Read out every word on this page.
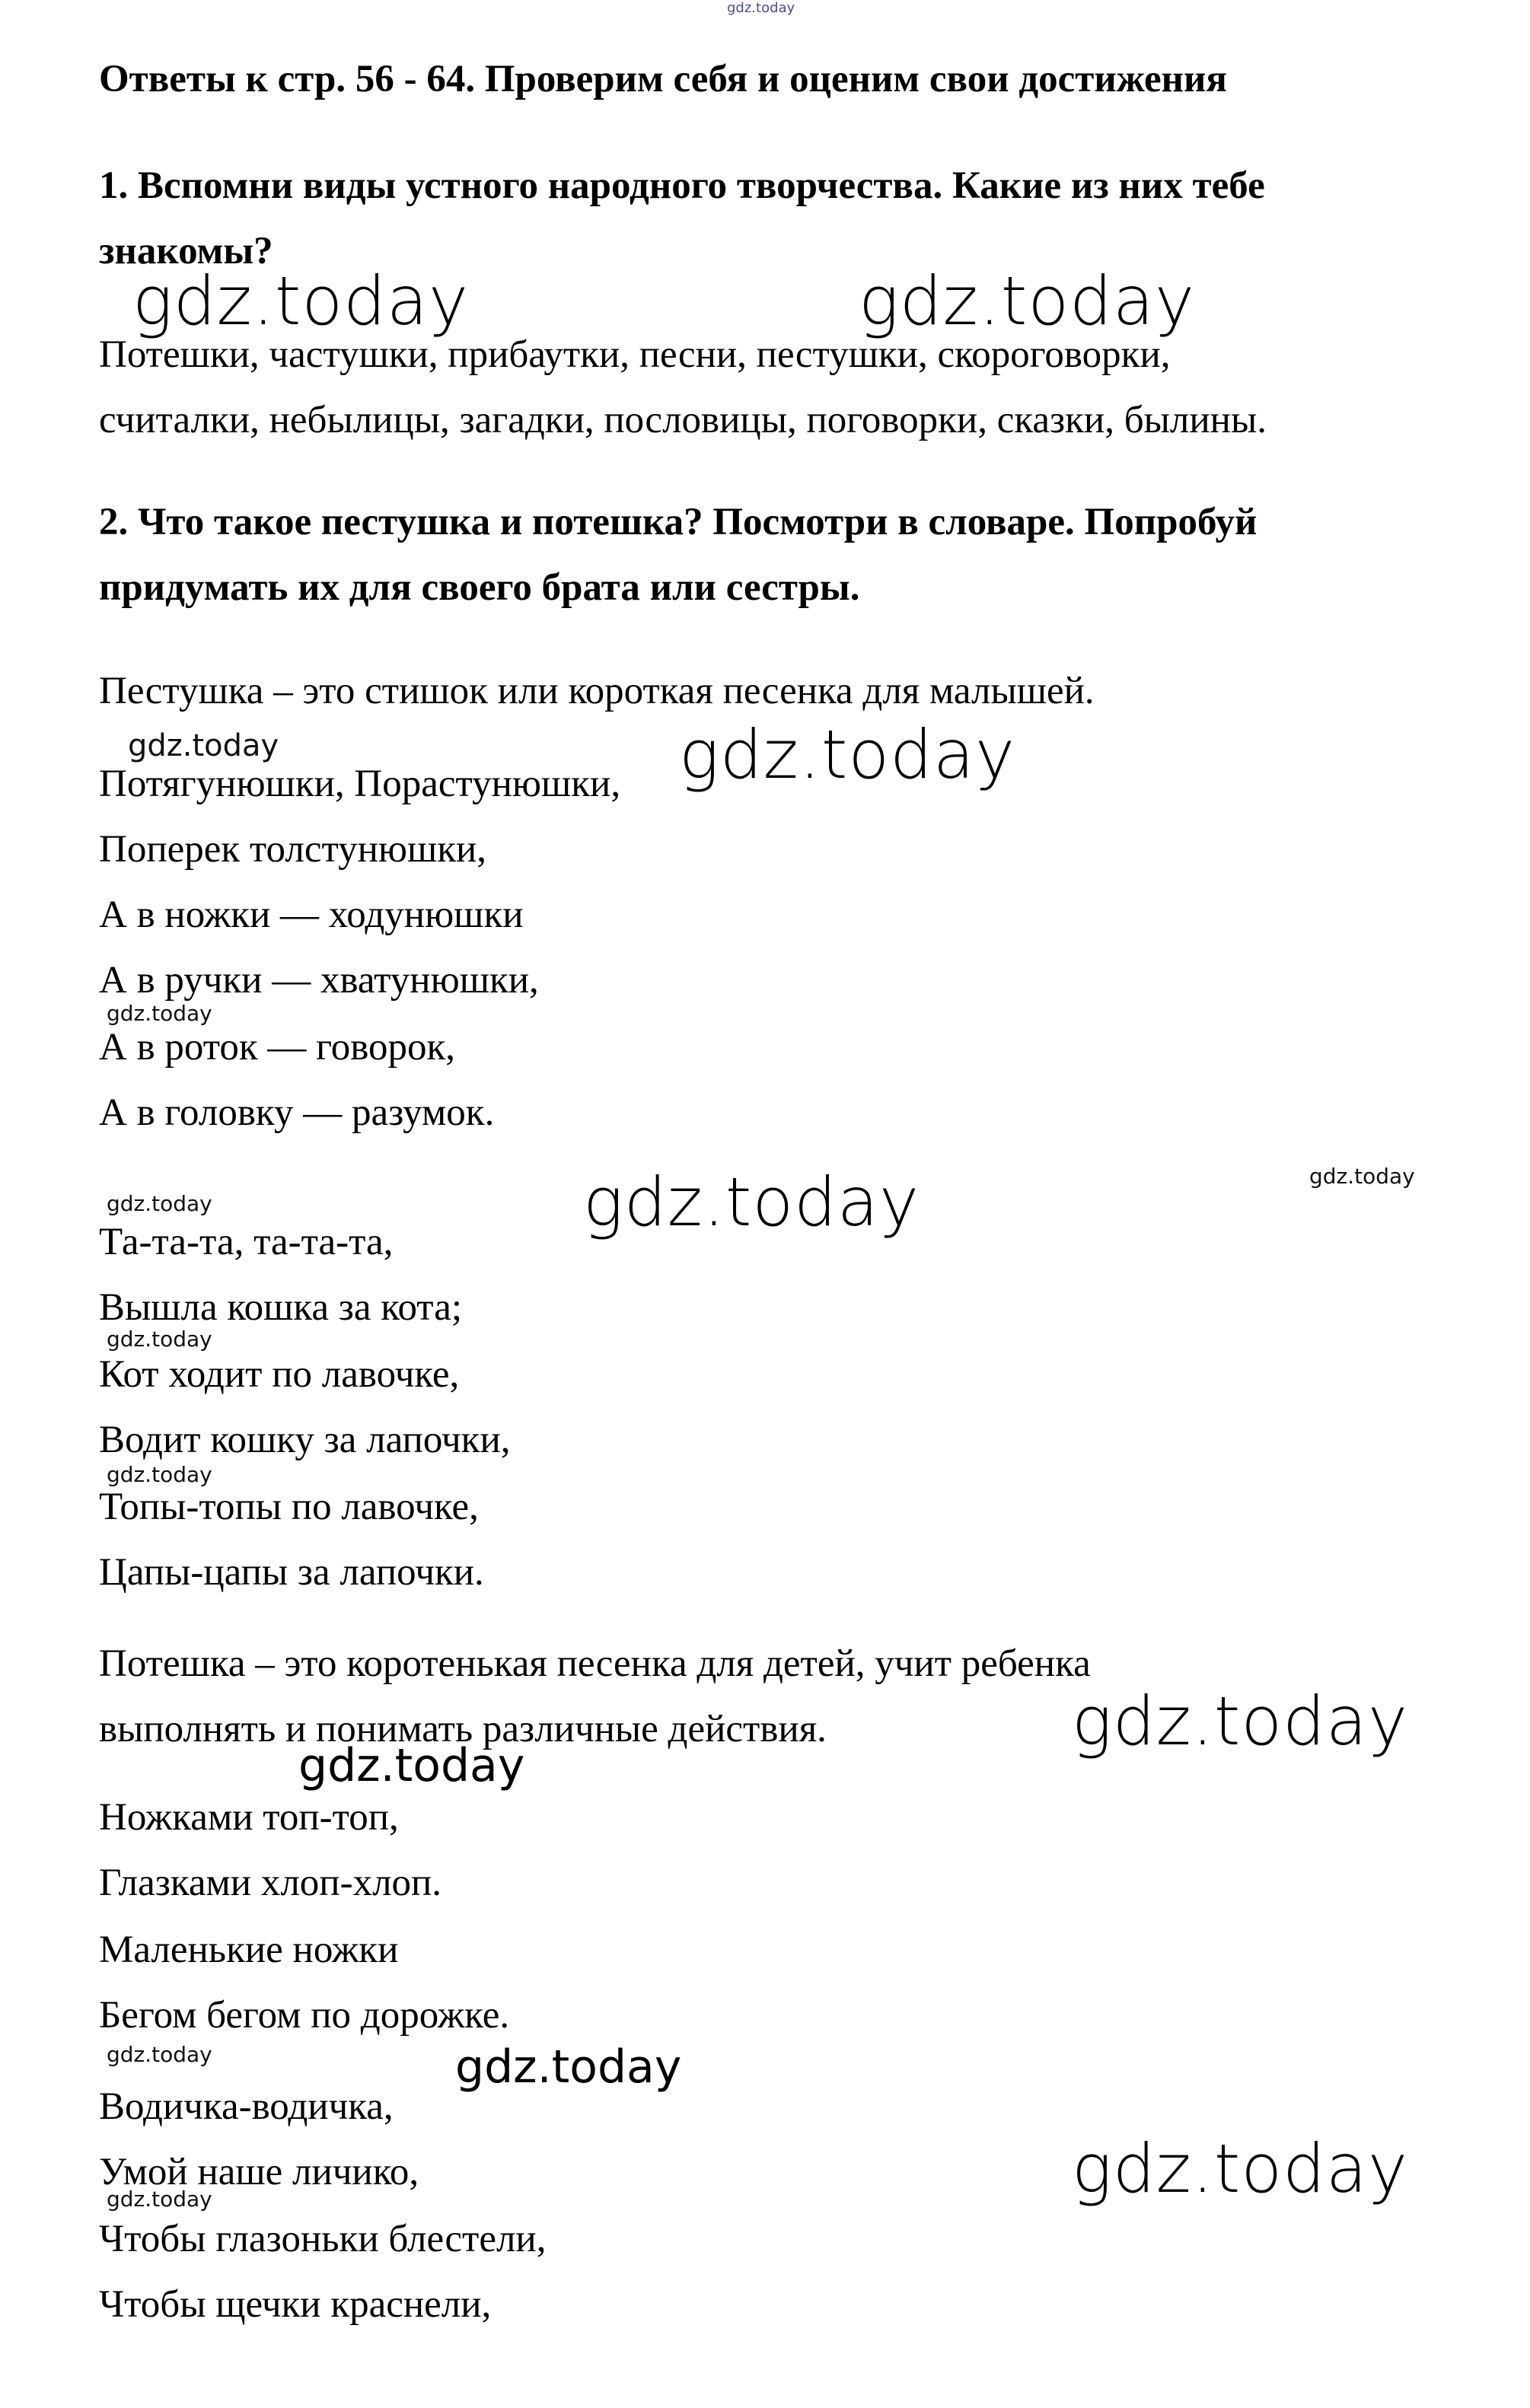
gdz.today

Ответы к стр. 56 - 64. Проверим себя и оценим свои достижения

1. Вспомни виды устного народного творчества. Какие из них тебе

знакомы?

Потешки, частушки, прибаутки, песни, пестушки, скороговорки,

считалки, небылицы, загадки, пословицы, поговорки, сказки, былины.

2. Что такое пестушка и потешка? Посмотри в словаре. Попробуй

придумать их для своего брата или сестры.

Пестушка – это стишок или короткая песенка для малышей.

Потягунюшки, Порастунюшки,

Поперек толстунюшки,

А в ножки — ходунюшки

А в ручки — хватунюшки,

А в роток — говорок,

А в головку — разумок.

Та-та-та, та-та-та,

Вышла кошка за кота;

Кот ходит по лавочке,

Водит кошку за лапочки,

Топы-топы по лавочке,

Цапы-цапы за лапочки.

Потешка – это коротенькая песенка для детей, учит ребенка

выполнять и понимать различные действия.

Ножками топ-топ,

Глазками хлоп-хлоп.

Маленькие ножки

Бегом бегом по дорожке.

Водичка-водичка,

Умой наше личико,

Чтобы глазоньки блестели,

Чтобы щечки краснели,

gdz.today	gdz.today
gdz.today
gdz.today
gdz.today
gdz.today
gdz.today
gdz.today
gdz.today
gdz.today
gdz.today
gdz.today
gdz.today
gdz.today
gdz.today
gdz.today
